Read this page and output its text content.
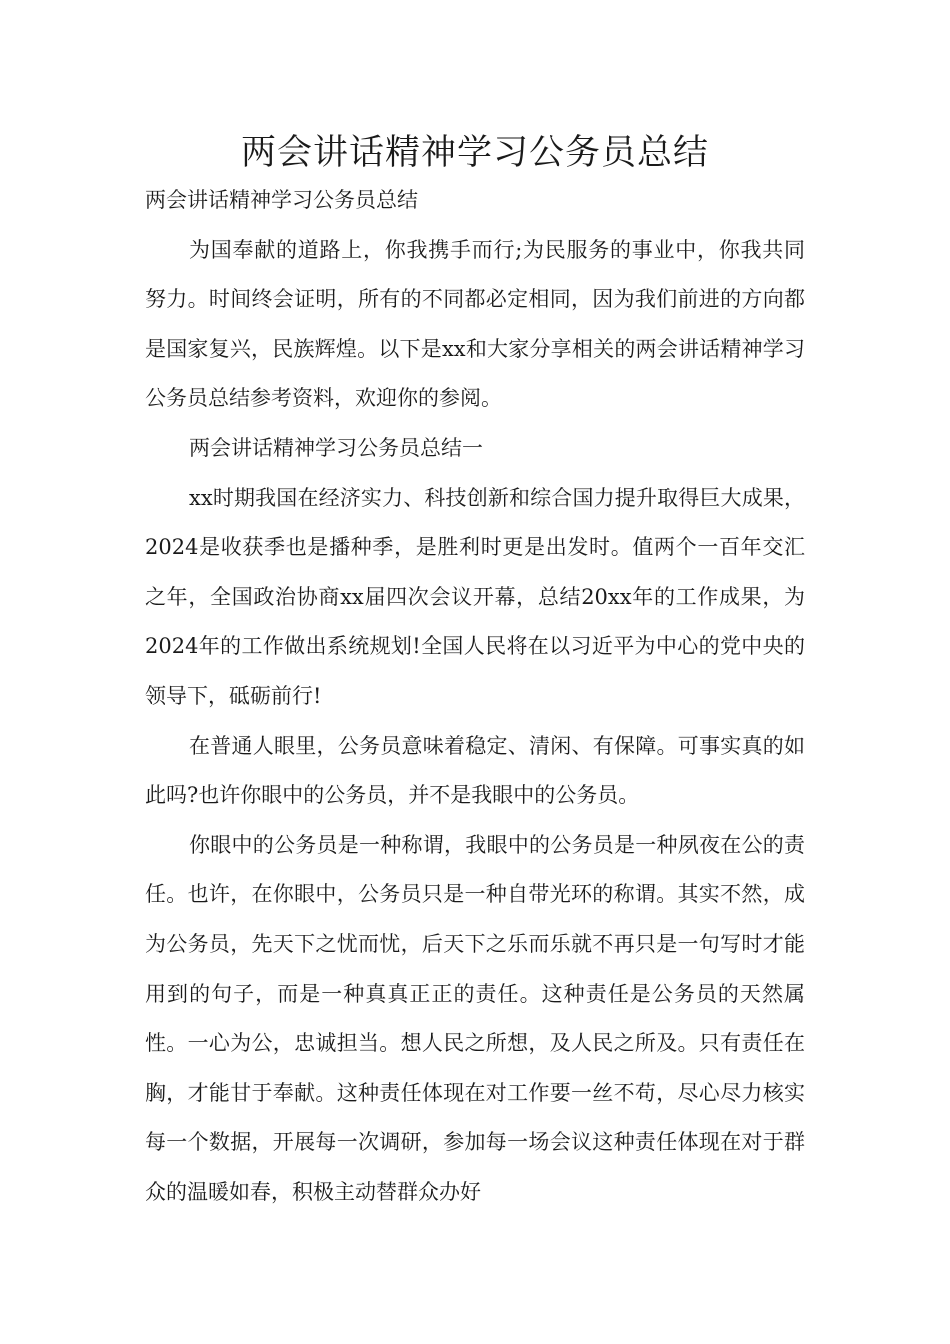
两会讲话精神学习公务员总结

两会讲话精神学习公务员总结

为国奉献的道路上，你我携手而行;为民服务的事业中，你我共同努力。时间终会证明，所有的不同都必定相同，因为我们前进的方向都是国家复兴，民族辉煌。以下是xx和大家分享相关的两会讲话精神学习公务员总结参考资料，欢迎你的参阅。

两会讲话精神学习公务员总结一

xx时期我国在经济实力、科技创新和综合国力提升取得巨大成果，2024是收获季也是播种季，是胜利时更是出发时。值两个一百年交汇之年，全国政治协商xx届四次会议开幕，总结20xx年的工作成果，为2024年的工作做出系统规划!全国人民将在以习近平为中心的党中央的领导下，砥砺前行!

在普通人眼里，公务员意味着稳定、清闲、有保障。可事实真的如此吗?也许你眼中的公务员，并不是我眼中的公务员。

你眼中的公务员是一种称谓，我眼中的公务员是一种夙夜在公的责任。也许，在你眼中，公务员只是一种自带光环的称谓。其实不然，成为公务员，先天下之忧而忧，后天下之乐而乐就不再只是一句写时才能用到的句子，而是一种真真正正的责任。这种责任是公务员的天然属性。一心为公，忠诚担当。想人民之所想，及人民之所及。只有责任在胸，才能甘于奉献。这种责任体现在对工作要一丝不苟，尽心尽力核实每一个数据，开展每一次调研，参加每一场会议这种责任体现在对于群众的温暖如春，积极主动替群众办好
